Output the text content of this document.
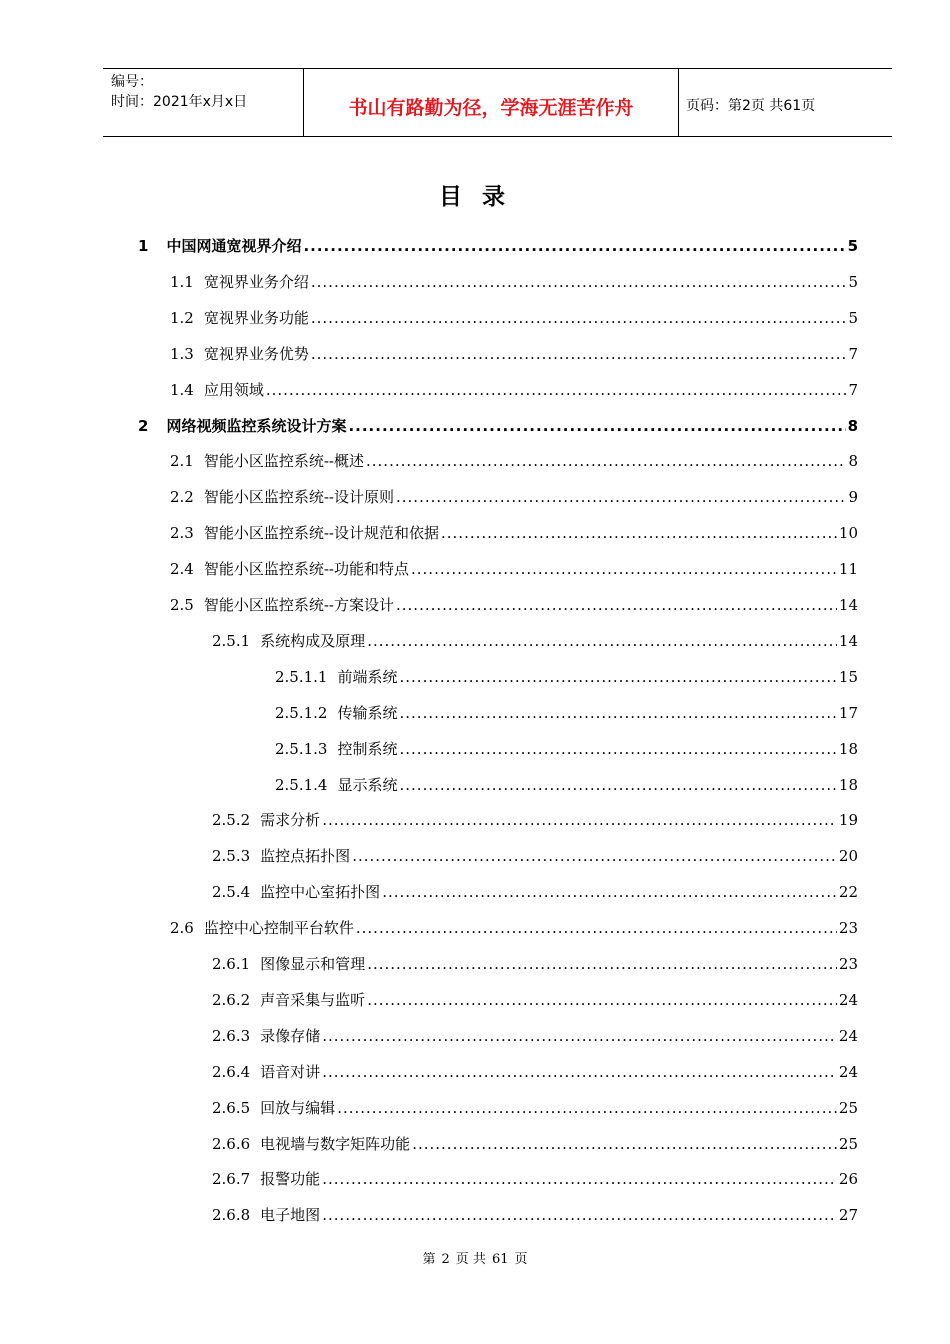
编号：
时间：2021年x月x日	书山有路勤为径，学海无涯苦作舟	页码：第2页 共61页
目 录
1 中国网通宽视界介绍 .....	5
1.1 宽视界业务介绍 .....	5
1.2 宽视界业务功能 .....	5
1.3 宽视界业务优势 .....	7
1.4 应用领域 .....	7
2 网络视频监控系统设计方案 .....	8
2.1 智能小区监控系统--概述 .....	8
2.2 智能小区监控系统--设计原则 .....	9
2.3 智能小区监控系统--设计规范和依据 .....	10
2.4 智能小区监控系统--功能和特点 .....	11
2.5 智能小区监控系统--方案设计 .....	14
2.5.1 系统构成及原理 .....	14
2.5.1.1 前端系统 .....	15
2.5.1.2 传输系统 .....	17
2.5.1.3 控制系统 .....	18
2.5.1.4 显示系统 .....	18
2.5.2 需求分析 .....	19
2.5.3 监控点拓扑图 .....	20
2.5.4 监控中心室拓扑图 .....	22
2.6 监控中心控制平台软件 .....	23
2.6.1 图像显示和管理 .....	23
2.6.2 声音采集与监听 .....	24
2.6.3 录像存储 .....	24
2.6.4 语音对讲 .....	24
2.6.5 回放与编辑 .....	25
2.6.6 电视墙与数字矩阵功能 .....	25
2.6.7 报警功能 .....	26
2.6.8 电子地图 .....	27
第 2 页 共 61 页
